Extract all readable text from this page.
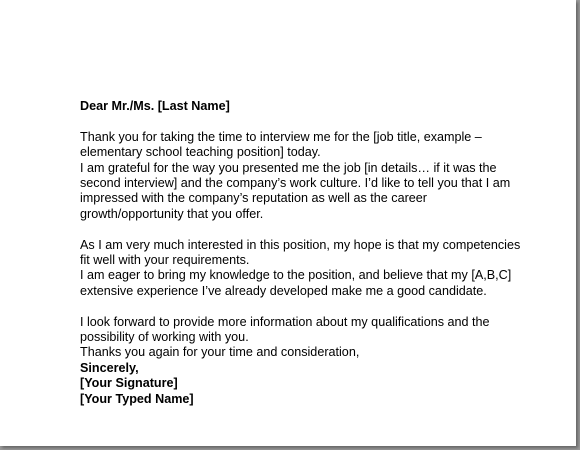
Dear Mr./Ms. [Last Name]
Thank you for taking the time to interview me for the [job title, example –
elementary school teaching position] today.
I am grateful for the way you presented me the job [in details… if it was the
second interview] and the company’s work culture. I’d like to tell you that I am
impressed with the company’s reputation as well as the career
growth/opportunity that you offer.
As I am very much interested in this position, my hope is that my competencies
fit well with your requirements.
I am eager to bring my knowledge to the position, and believe that my [A,B,C]
extensive experience I’ve already developed make me a good candidate.
I look forward to provide more information about my qualifications and the
possibility of working with you.
Thanks you again for your time and consideration,
Sincerely,
[Your Signature]
[Your Typed Name]
